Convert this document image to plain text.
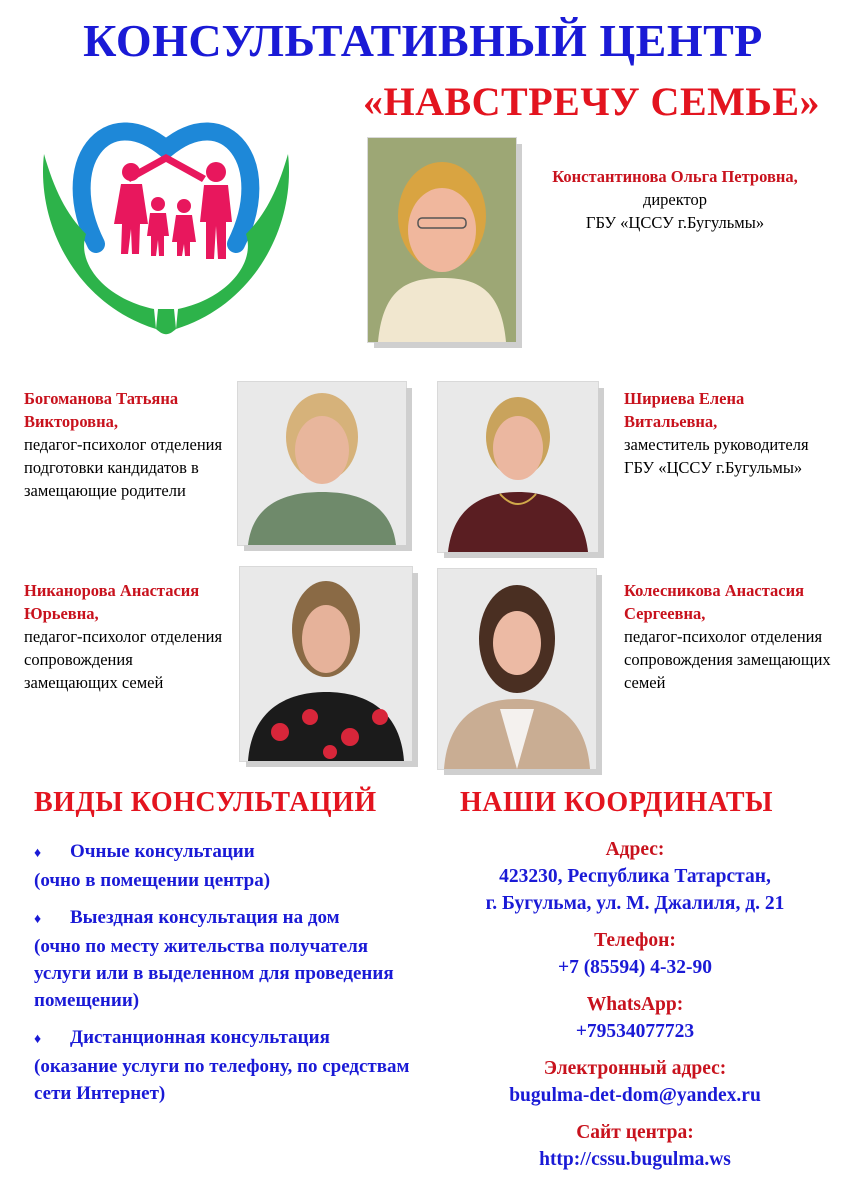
КОНСУЛЬТАТИВНЫЙ ЦЕНТР
«НАВСТРЕЧУ СЕМЬЕ»
Константинова Ольга Петровна,
директор
ГБУ «ЦССУ г.Бугульмы»
Богоманова Татьяна Викторовна,
педагог-психолог отделения подготовки кандидатов в замещающие родители
Шириева Елена Витальевна,
заместитель руководителя ГБУ «ЦССУ г.Бугульмы»
Никанорова Анастасия Юрьевна,
педагог-психолог отделения сопровождения замещающих семей
Колесникова Анастасия Сергеевна,
педагог-психолог отделения сопровождения замещающих семей
ВИДЫ КОНСУЛЬТАЦИЙ	НАШИ КООРДИНАТЫ
♦ Очные консультации
(очно в помещении центра)
♦ Выездная консультация на дом
(очно по месту жительства получателя услуги или в выделенном для проведения помещении)
♦ Дистанционная консультация
(оказание услуги по телефону, по средствам сети Интернет)
Адрес:
423230, Республика Татарстан,
г. Бугульма, ул. М. Джалиля, д. 21
Телефон:
+7 (85594) 4-32-90
WhatsApp:
+79534077723
Электронный адрес:
bugulma-det-dom@yandex.ru
Сайт центра:
http://cssu.bugulma.ws
